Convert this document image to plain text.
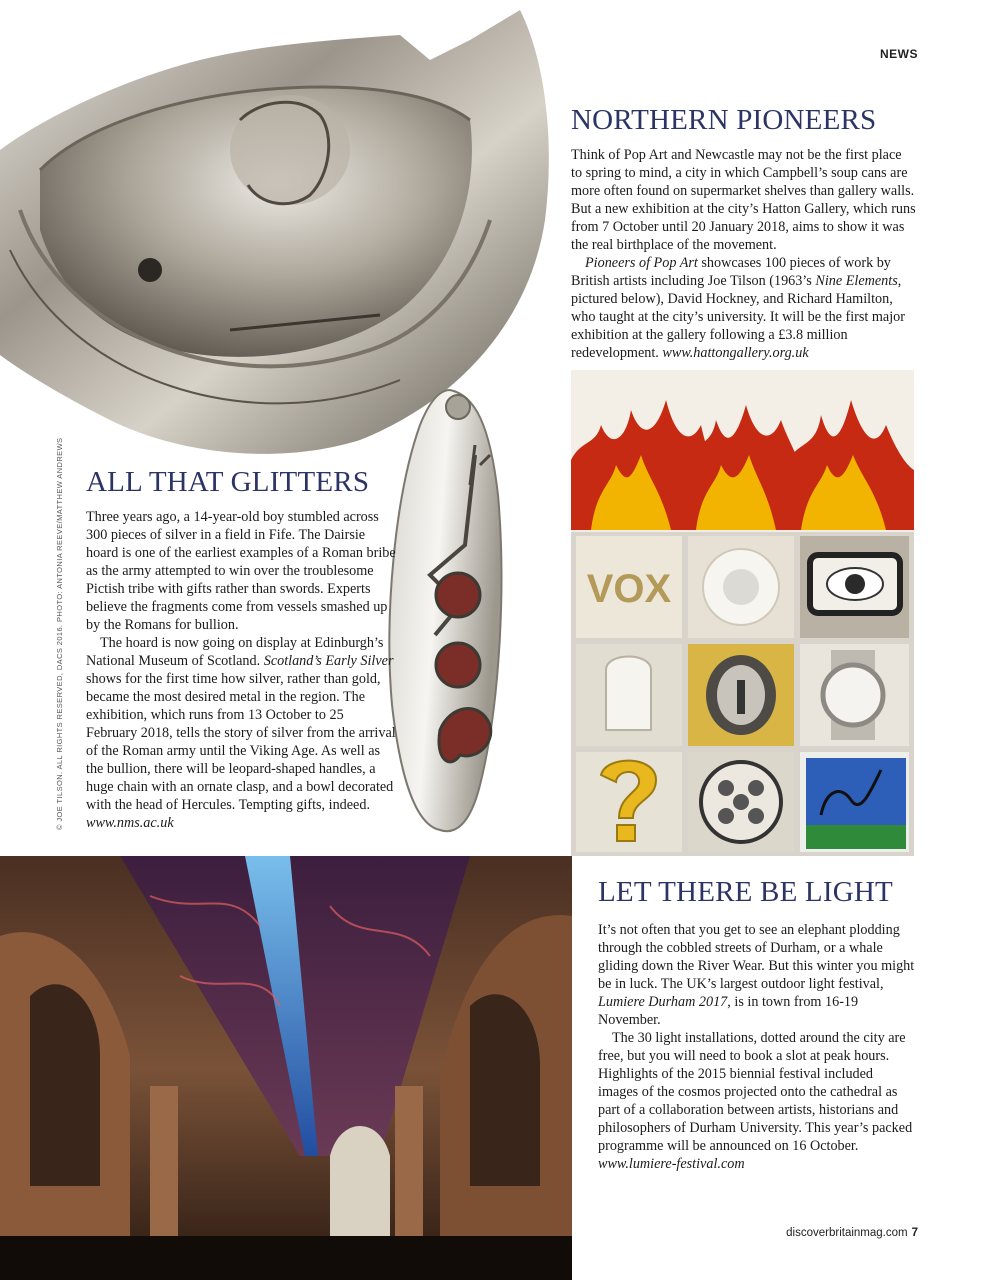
NEWS
NORTHERN PIONEERS

Think of Pop Art and Newcastle may not be the first place to spring to mind, a city in which Campbell’s soup cans are more often found on supermarket shelves than gallery walls. But a new exhibition at the city’s Hatton Gallery, which runs from 7 October until 20 January 2018, aims to show it was the real birthplace of the movement.

Pioneers of Pop Art showcases 100 pieces of work by British artists including Joe Tilson (1963’s Nine Elements, pictured below), David Hockney, and Richard Hamilton, who taught at the city’s university. It will be the first major exhibition at the gallery following a £3.8 million redevelopment. www.hattongallery.org.uk

VOX
ALL THAT GLITTERS

Three years ago, a 14-year-old boy stumbled across 300 pieces of silver in a field in Fife. The Dairsie hoard is one of the earliest examples of a Roman bribe as the army attempted to win over the troublesome Pictish tribe with gifts rather than swords. Experts believe the fragments come from vessels smashed up by the Romans for bullion.

The hoard is now going on display at Edinburgh’s National Museum of Scotland. Scotland’s Early Silver shows for the first time how silver, rather than gold, became the most desired metal in the region. The exhibition, which runs from 13 October to 25 February 2018, tells the story of silver from the arrival of the Roman army until the Viking Age. As well as the bullion, there will be leopard-shaped handles, a huge chain with an ornate clasp, and a bowl decorated with the head of Hercules. Tempting gifts, indeed. www.nms.ac.uk

© JOE TILSON. ALL RIGHTS RESERVED, DACS 2016. PHOTO: ANTONIA REEVE/MATTHEW ANDREWS
LET THERE BE LIGHT

It’s not often that you get to see an elephant plodding through the cobbled streets of Durham, or a whale gliding down the River Wear. But this winter you might be in luck. The UK’s largest outdoor light festival, Lumiere Durham 2017, is in town from 16-19 November.

The 30 light installations, dotted around the city are free, but you will need to book a slot at peak hours. Highlights of the 2015 biennial festival included images of the cosmos projected onto the cathedral as part of a collaboration between artists, historians and philosophers of Durham University. This year’s packed programme will be announced on 16 October.

www.lumiere-festival.com

discoverbritainmag.com 7
